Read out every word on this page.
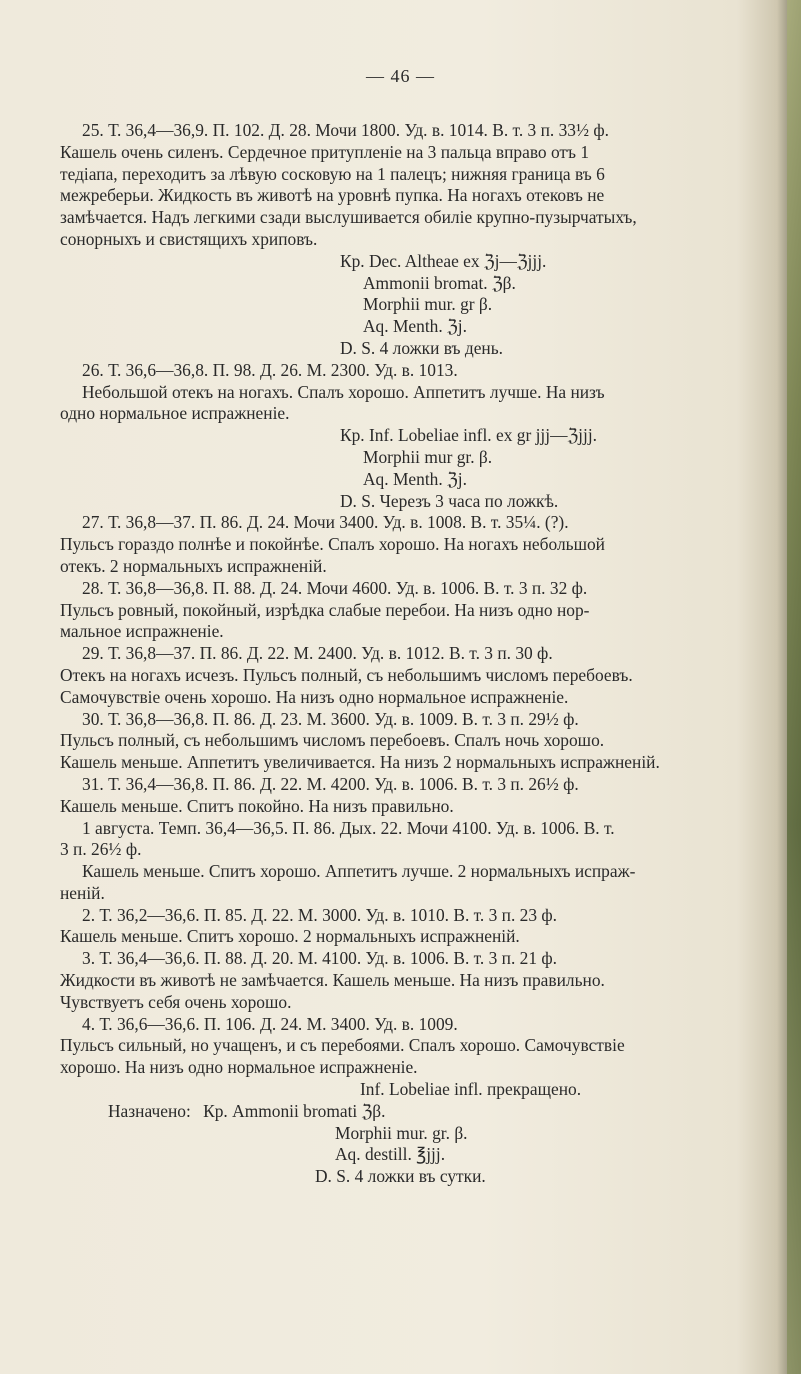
— 46 —

25. Т. 36,4—36,9. П. 102. Д. 28. Мочи 1800. Уд. в. 1014. В. т. 3 п. 33½ ф.

Кашель очень силенъ. Сердечное притупленіе на 3 пальца вправо отъ 1

тедіапа, переходитъ за лѣвую сосковую на 1 палецъ; нижняя граница въ 6

межреберьи. Жидкость въ животѣ на уровнѣ пупка. На ногахъ отековъ не

замѣчается. Надъ легкими сзади выслушивается обиліе крупно-пузырчатыхъ,

сонорныхъ и свистящихъ хриповъ.

Кр. Dec. Altheae ex ℨj—ℨjjj.

Ammonii bromat. ℨβ.

Morphii mur. gr β.

Aq. Menth. ℨj.

D. S. 4 ложки въ день.

26. Т. 36,6—36,8. П. 98. Д. 26. М. 2300. Уд. в. 1013.

Небольшой отекъ на ногахъ. Спалъ хорошо. Аппетитъ лучше. На низъ

одно нормальное испражненіе.

Кр. Inf. Lobeliae infl. ex gr jjj—ℨjjj.

Morphii mur gr. β.

Aq. Menth. ℨj.

D. S. Черезъ 3 часа по ложкѣ.

27. Т. 36,8—37. П. 86. Д. 24. Мочи 3400. Уд. в. 1008. В. т. 35¼. (?).

Пульсъ гораздо полнѣе и покойнѣе. Спалъ хорошо. На ногахъ небольшой

отекъ. 2 нормальныхъ испражненій.

28. Т. 36,8—36,8. П. 88. Д. 24. Мочи 4600. Уд. в. 1006. В. т. 3 п. 32 ф.

Пульсъ ровный, покойный, изрѣдка слабые перебои. На низъ одно нор-

мальное испражненіе.

29. Т. 36,8—37. П. 86. Д. 22. М. 2400. Уд. в. 1012. В. т. 3 п. 30 ф.

Отекъ на ногахъ исчезъ. Пульсъ полный, съ небольшимъ числомъ перебоевъ.

Самочувствіе очень хорошо. На низъ одно нормальное испражненіе.

30. Т. 36,8—36,8. П. 86. Д. 23. М. 3600. Уд. в. 1009. В. т. 3 п. 29½ ф.

Пульсъ полный, съ небольшимъ числомъ перебоевъ. Спалъ ночь хорошо.

Кашель меньше. Аппетитъ увеличивается. На низъ 2 нормальныхъ испражненій.

31. Т. 36,4—36,8. П. 86. Д. 22. М. 4200. Уд. в. 1006. В. т. 3 п. 26½ ф.

Кашель меньше. Спитъ покойно. На низъ правильно.

1 августа. Темп. 36,4—36,5. П. 86. Дых. 22. Мочи 4100. Уд. в. 1006. В. т.

3 п. 26½ ф.

Кашель меньше. Спитъ хорошо. Аппетитъ лучше. 2 нормальныхъ испраж-

неній.

2. Т. 36,2—36,6. П. 85. Д. 22. М. 3000. Уд. в. 1010. В. т. 3 п. 23 ф.

Кашель меньше. Спитъ хорошо. 2 нормальныхъ испражненій.

3. Т. 36,4—36,6. П. 88. Д. 20. М. 4100. Уд. в. 1006. В. т. 3 п. 21 ф.

Жидкости въ животѣ не замѣчается. Кашель меньше. На низъ правильно.

Чувствуетъ себя очень хорошо.

4. Т. 36,6—36,6. П. 106. Д. 24. М. 3400. Уд. в. 1009.

Пульсъ сильный, но учащенъ, и съ перебоями. Спалъ хорошо. Самочувствіе

хорошо. На низъ одно нормальное испражненіе.

Inf. Lobeliae infl. прекращено.

Назначено: Кр. Ammonii bromati ℨβ.

Morphii mur. gr. β.

Aq. destill. ℥jjj.

D. S. 4 ложки въ сутки.
